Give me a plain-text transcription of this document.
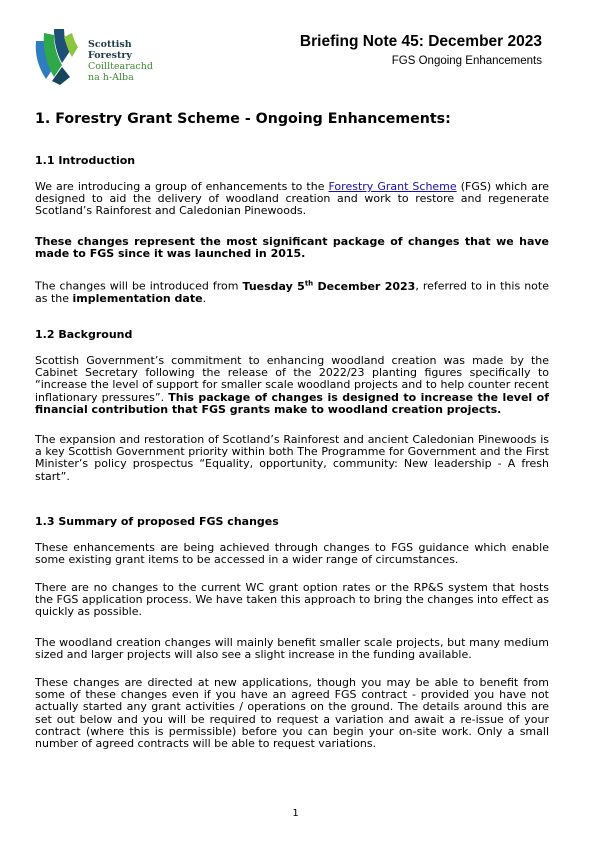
Scottish
Forestry
Coilltearachd
na h-Alba
Briefing Note 45: December 2023
FGS Ongoing Enhancements
1. Forestry Grant Scheme - Ongoing Enhancements:
1.1 Introduction

We are introducing a group of enhancements to the Forestry Grant Scheme (FGS) which are designed to aid the delivery of woodland creation and work to restore and regenerate Scotland’s Rainforest and Caledonian Pinewoods.

These changes represent the most significant package of changes that we have made to FGS since it was launched in 2015.

The changes will be introduced from Tuesday 5th December 2023, referred to in this note as the implementation date.

1.2 Background

Scottish Government’s commitment to enhancing woodland creation was made by the Cabinet Secretary following the release of the 2022/23 planting figures specifically to “increase the level of support for smaller scale woodland projects and to help counter recent inflationary pressures”. This package of changes is designed to increase the level of financial contribution that FGS grants make to woodland creation projects.

The expansion and restoration of Scotland’s Rainforest and ancient Caledonian Pinewoods is a key Scottish Government priority within both The Programme for Government and the First Minister’s policy prospectus “Equality, opportunity, community: New leadership - A fresh start”.

1.3 Summary of proposed FGS changes

These enhancements are being achieved through changes to FGS guidance which enable some existing grant items to be accessed in a wider range of circumstances.

There are no changes to the current WC grant option rates or the RP&S system that hosts the FGS application process. We have taken this approach to bring the changes into effect as quickly as possible.

The woodland creation changes will mainly benefit smaller scale projects, but many medium sized and larger projects will also see a slight increase in the funding available.

These changes are directed at new applications, though you may be able to benefit from some of these changes even if you have an agreed FGS contract - provided you have not actually started any grant activities / operations on the ground. The details around this are set out below and you will be required to request a variation and await a re-issue of your contract (where this is permissible) before you can begin your on-site work. Only a small number of agreed contracts will be able to request variations.

1
